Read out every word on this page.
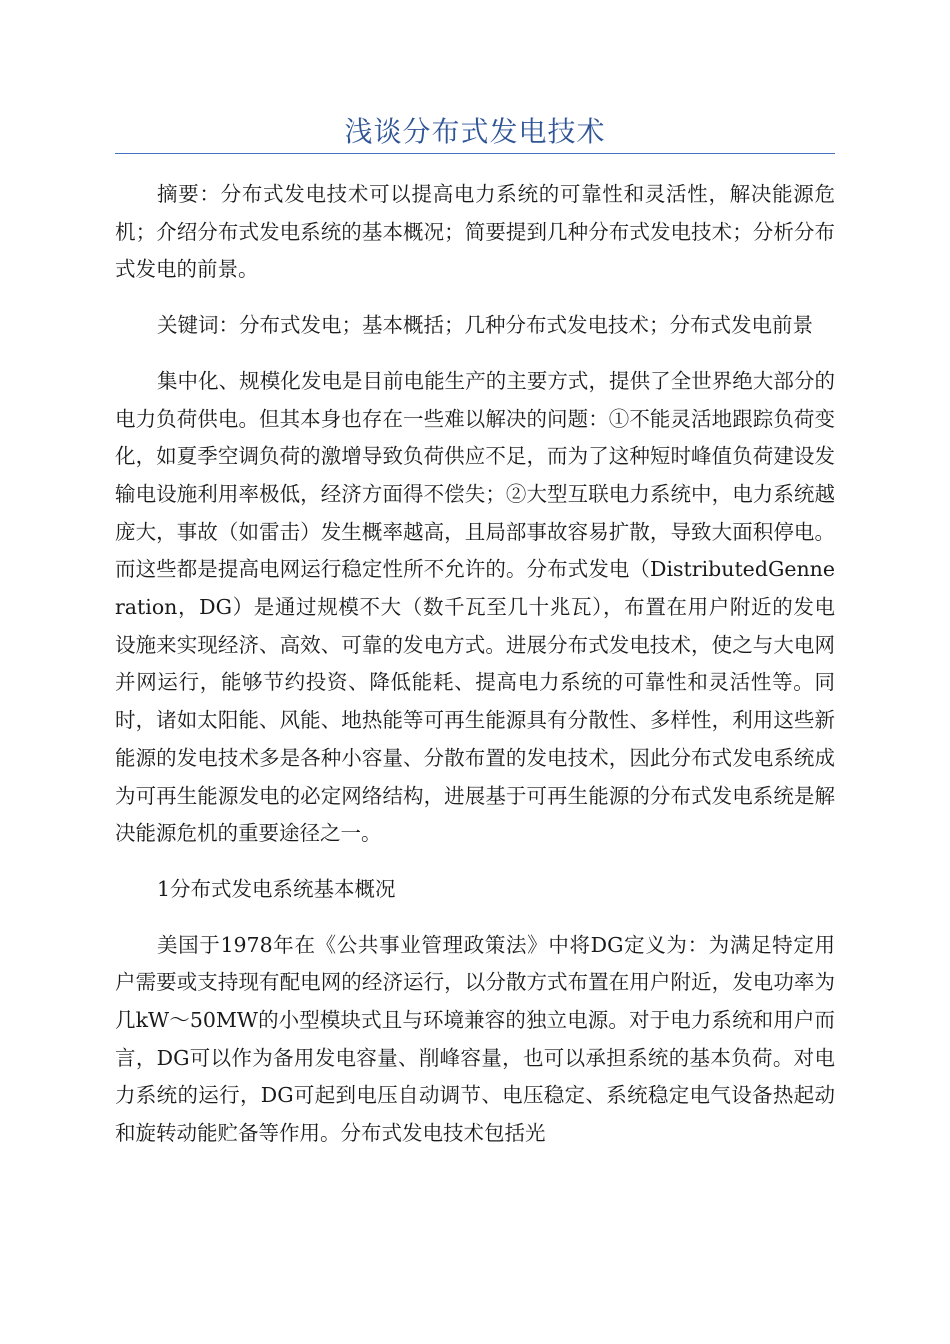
浅谈分布式发电技术

摘要：分布式发电技术可以提高电力系统的可靠性和灵活性，解决能源危机；介绍分布式发电系统的基本概况；简要提到几种分布式发电技术；分析分布式发电的前景。

关键词：分布式发电；基本概括；几种分布式发电技术；分布式发电前景

集中化、规模化发电是目前电能生产的主要方式，提供了全世界绝大部分的电力负荷供电。但其本身也存在一些难以解决的问题：①不能灵活地跟踪负荷变化，如夏季空调负荷的激增导致负荷供应不足，而为了这种短时峰值负荷建设发输电设施利用率极低，经济方面得不偿失；②大型互联电力系统中，电力系统越庞大，事故（如雷击）发生概率越高，且局部事故容易扩散，导致大面积停电。而这些都是提高电网运行稳定性所不允许的。分布式发电（DistributedGenneration，DG）是通过规模不大（数千瓦至几十兆瓦），布置在用户附近的发电设施来实现经济、高效、可靠的发电方式。进展分布式发电技术，使之与大电网并网运行，能够节约投资、降低能耗、提高电力系统的可靠性和灵活性等。同时，诸如太阳能、风能、地热能等可再生能源具有分散性、多样性，利用这些新能源的发电技术多是各种小容量、分散布置的发电技术，因此分布式发电系统成为可再生能源发电的必定网络结构，进展基于可再生能源的分布式发电系统是解决能源危机的重要途径之一。

1分布式发电系统基本概况

美国于1978年在《公共事业管理政策法》中将DG定义为：为满足特定用户需要或支持现有配电网的经济运行，以分散方式布置在用户附近，发电功率为几kW～50MW的小型模块式且与环境兼容的独立电源。对于电力系统和用户而言，DG可以作为备用发电容量、削峰容量，也可以承担系统的基本负荷。对电力系统的运行，DG可起到电压自动调节、电压稳定、系统稳定电气设备热起动和旋转动能贮备等作用。分布式发电技术包括光
